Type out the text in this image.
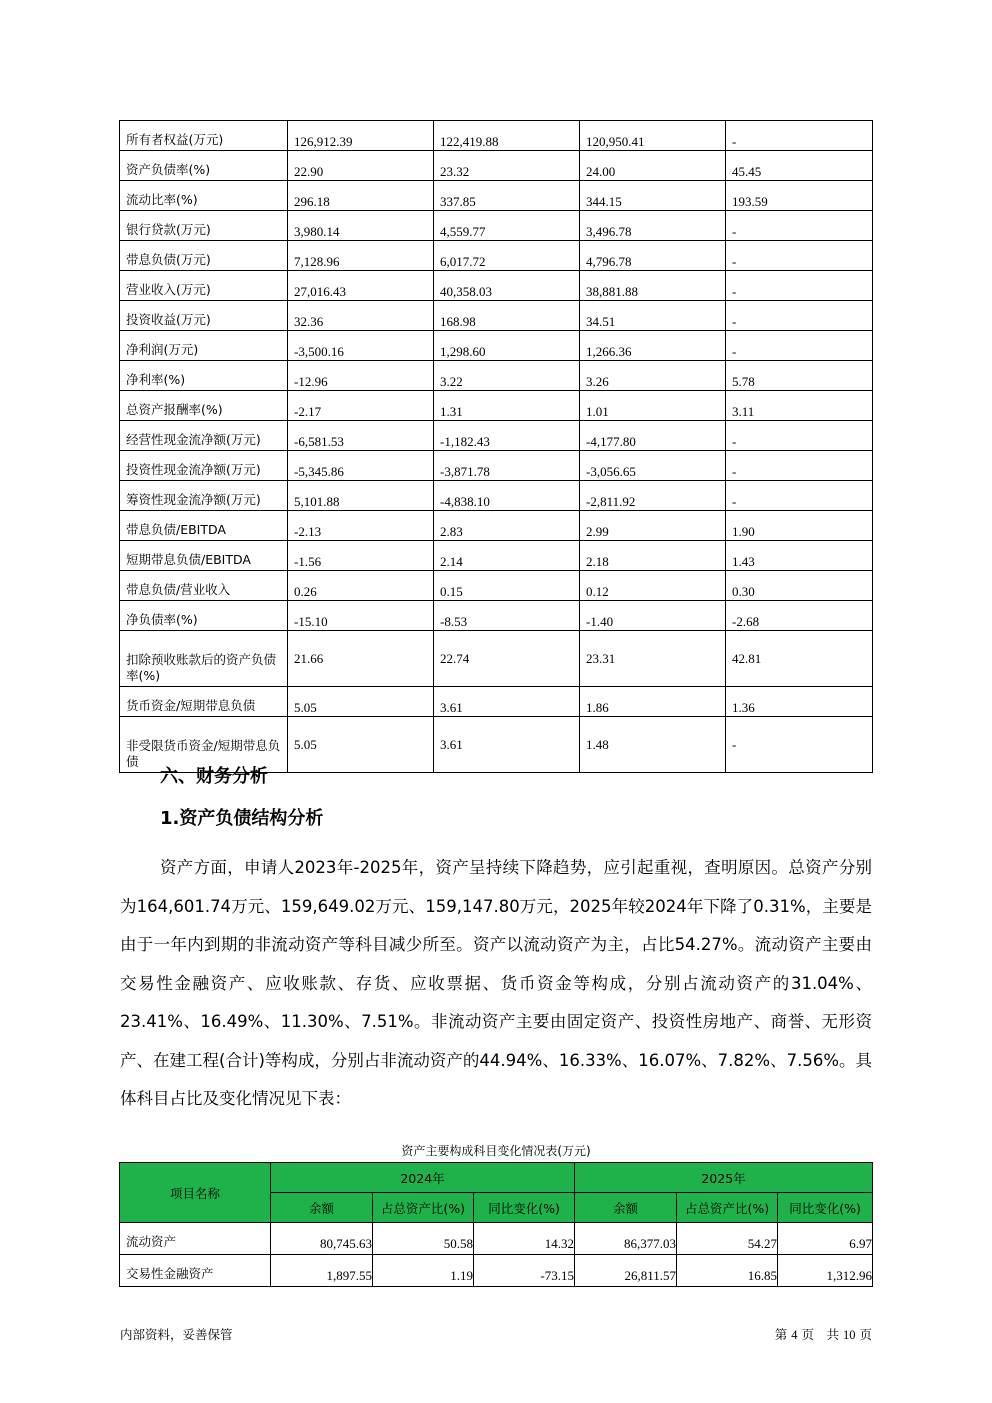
所有者权益(万元)	126,912.39	122,419.88	120,950.41	-
资产负债率(%)	22.90	23.32	24.00	45.45
流动比率(%)	296.18	337.85	344.15	193.59
银行贷款(万元)	3,980.14	4,559.77	3,496.78	-
带息负债(万元)	7,128.96	6,017.72	4,796.78	-
营业收入(万元)	27,016.43	40,358.03	38,881.88	-
投资收益(万元)	32.36	168.98	34.51	-
净利润(万元)	-3,500.16	1,298.60	1,266.36	-
净利率(%)	-12.96	3.22	3.26	5.78
总资产报酬率(%)	-2.17	1.31	1.01	3.11
经营性现金流净额(万元)	-6,581.53	-1,182.43	-4,177.80	-
投资性现金流净额(万元)	-5,345.86	-3,871.78	-3,056.65	-
筹资性现金流净额(万元)	5,101.88	-4,838.10	-2,811.92	-
带息负债/EBITDA	-2.13	2.83	2.99	1.90
短期带息负债/EBITDA	-1.56	2.14	2.18	1.43
带息负债/营业收入	0.26	0.15	0.12	0.30
净负债率(%)	-15.10	-8.53	-1.40	-2.68
扣除预收账款后的资产负债率(%)	21.66	22.74	23.31	42.81
货币资金/短期带息负债	5.05	3.61	1.86	1.36
非受限货币资金/短期带息负债	5.05	3.61	1.48	-
六、财务分析
1.资产负债结构分析
资产方面，申请人2023年-2025年，资产呈持续下降趋势，应引起重视，查明原因。总资产分别为164,601.74万元、159,649.02万元、159,147.80万元，2025年较2024年下降了0.31%，主要是由于一年内到期的非流动资产等科目减少所至。资产以流动资产为主，占比54.27%。流动资产主要由交易性金融资产、应收账款、存货、应收票据、货币资金等构成，分别占流动资产的31.04%、23.41%、16.49%、11.30%、7.51%。非流动资产主要由固定资产、投资性房地产、商誉、无形资产、在建工程(合计)等构成，分别占非流动资产的44.94%、16.33%、16.07%、7.82%、7.56%。具体科目占比及变化情况见下表：
资产主要构成科目变化情况表(万元)
项目名称	2024年			2025年		
	余额	占总资产比(%)	同比变化(%)	余额	占总资产比(%)	同比变化(%)
流动资产	80,745.63	50.58	14.32	86,377.03	54.27	6.97
交易性金融资产	1,897.55	1.19	-73.15	26,811.57	16.85	1,312.96
内部资料，妥善保管	第 4 页　共 10 页
